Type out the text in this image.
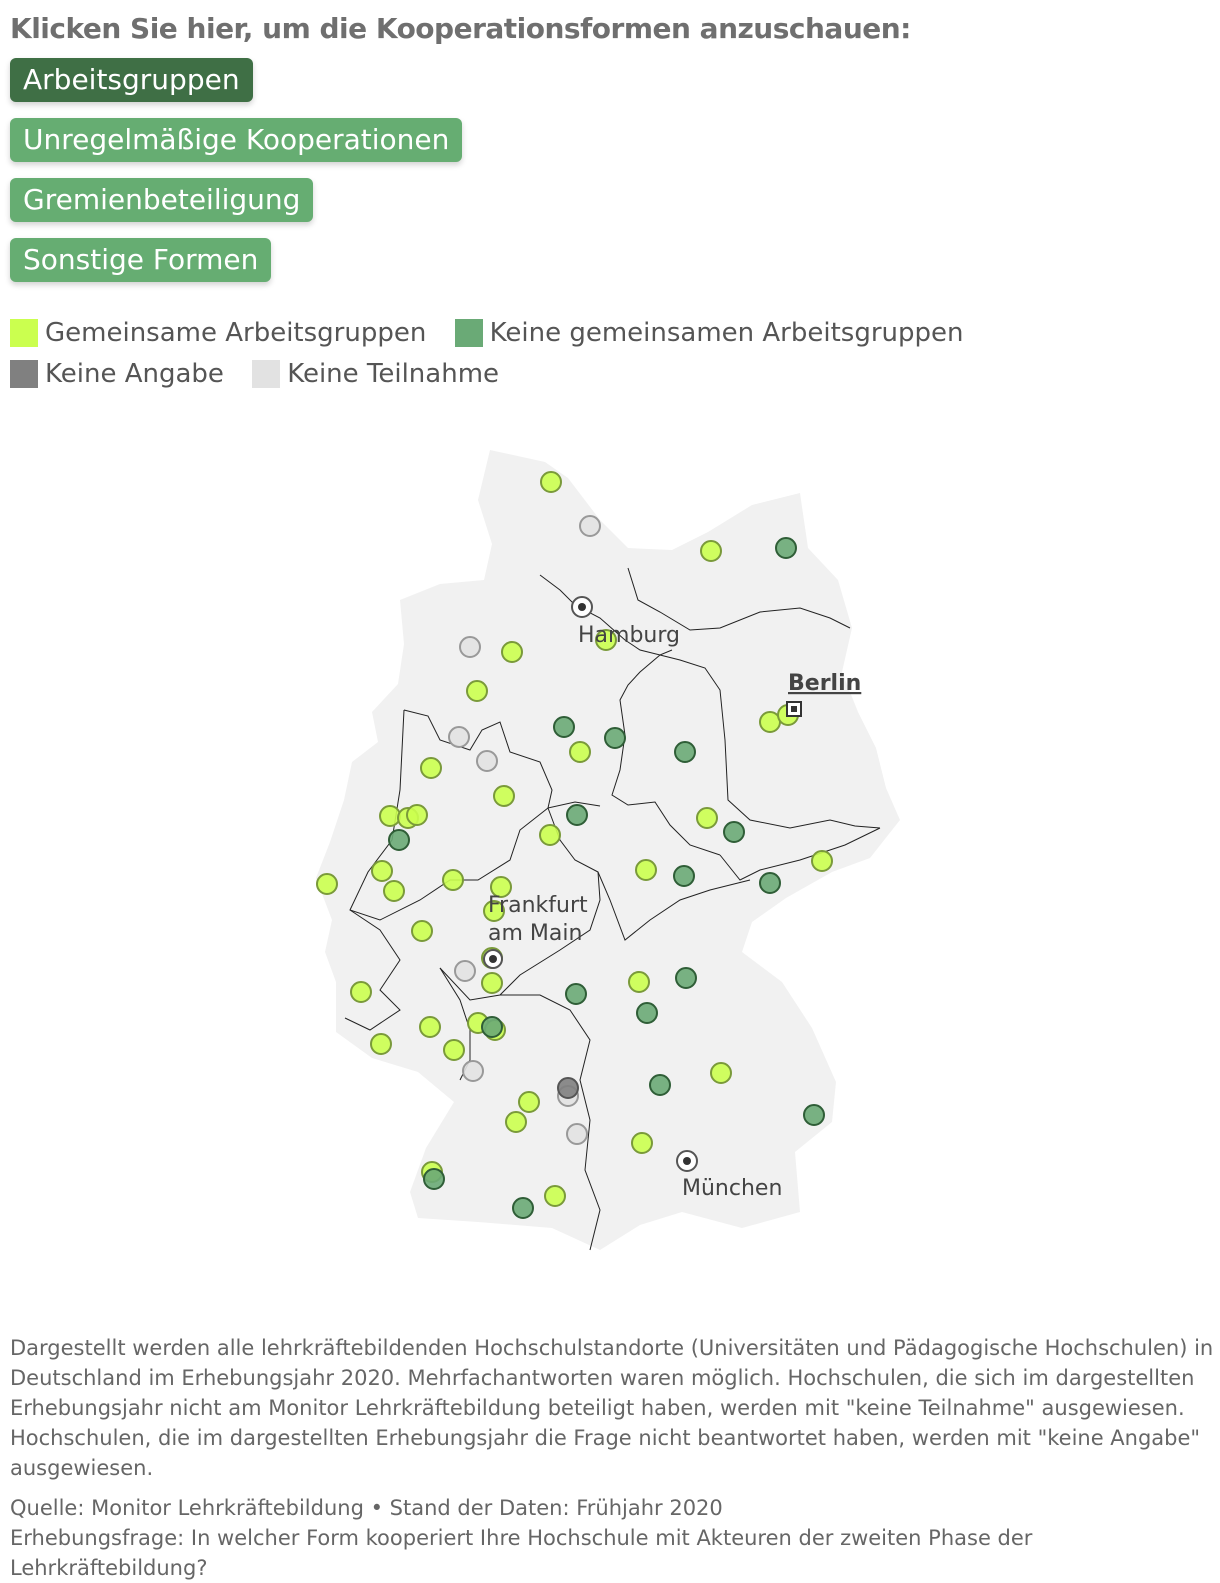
Klicken Sie hier, um die Kooperationsformen anzuschauen:
Arbeitsgruppen
Unregelmäßige Kooperationen
Gremienbeteiligung
Sonstige Formen
Gemeinsame Arbeitsgruppen
Keine gemeinsamen Arbeitsgruppen

Keine Angabe
Keine Teilnahme
Hamburg
Berlin
Frankfurt
am Main
München
Dargestellt werden alle lehrkräftebildenden Hochschulstandorte (Universitäten und Pädagogische Hochschulen) in Deutschland im Erhebungsjahr 2020. Mehrfachantworten waren möglich. Hochschulen, die sich im dargestellten Erhebungsjahr nicht am Monitor Lehrkräftebildung beteiligt haben, werden mit "keine Teilnahme" ausgewiesen. Hochschulen, die im dargestellten Erhebungsjahr die Frage nicht beantwortet haben, werden mit "keine Angabe" ausgewiesen.
Quelle: Monitor Lehrkräftebildung • Stand der Daten: Frühjahr 2020
Erhebungsfrage: In welcher Form kooperiert Ihre Hochschule mit Akteuren der zweiten Phase der Lehrkräftebildung?
